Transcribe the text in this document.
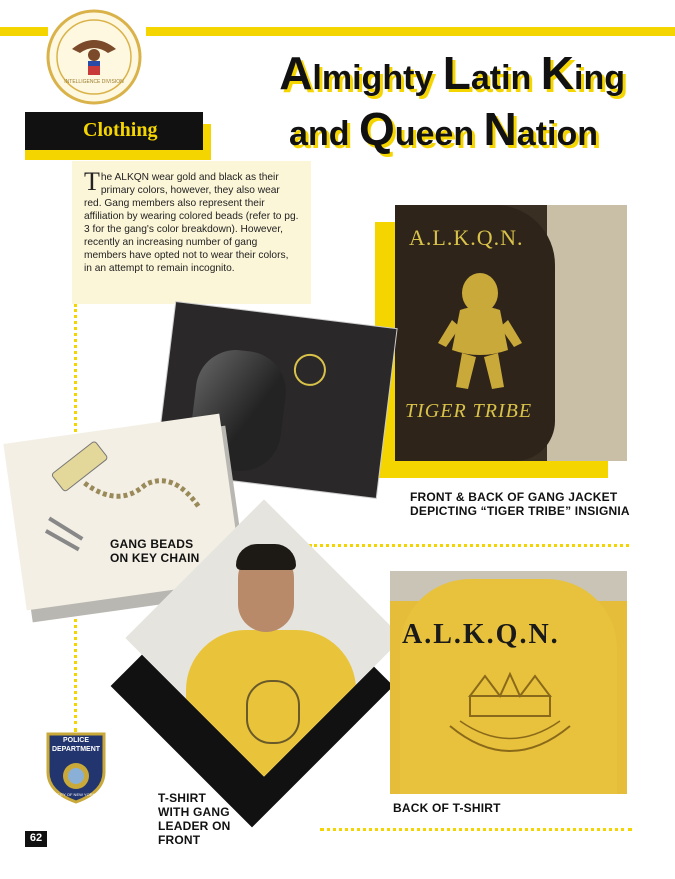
INTELLIGENCE DIVISION	Almighty Latin King
and Queen Nation
Clothing
The ALKQN wear gold and black as their primary colors, however, they also wear red. Gang members also represent their affiliation by wearing colored beads (refer to pg. 3 for the gang's color breakdown). However, recently an increasing number of gang members have opted not to wear their colors, in an attempt to remain incognito.
A.L.K.Q.N.
TIGER TRIBE
FRONT & BACK OF GANG JACKET
DEPICTING “TIGER TRIBE” INSIGNIA
GANG BEADS
ON KEY CHAIN
T-SHIRT
WITH GANG
LEADER ON
FRONT
A.L.K.Q.N.
BACK OF T-SHIRT
POLICE
DEPARTMENT
CITY OF NEW YORK
62
